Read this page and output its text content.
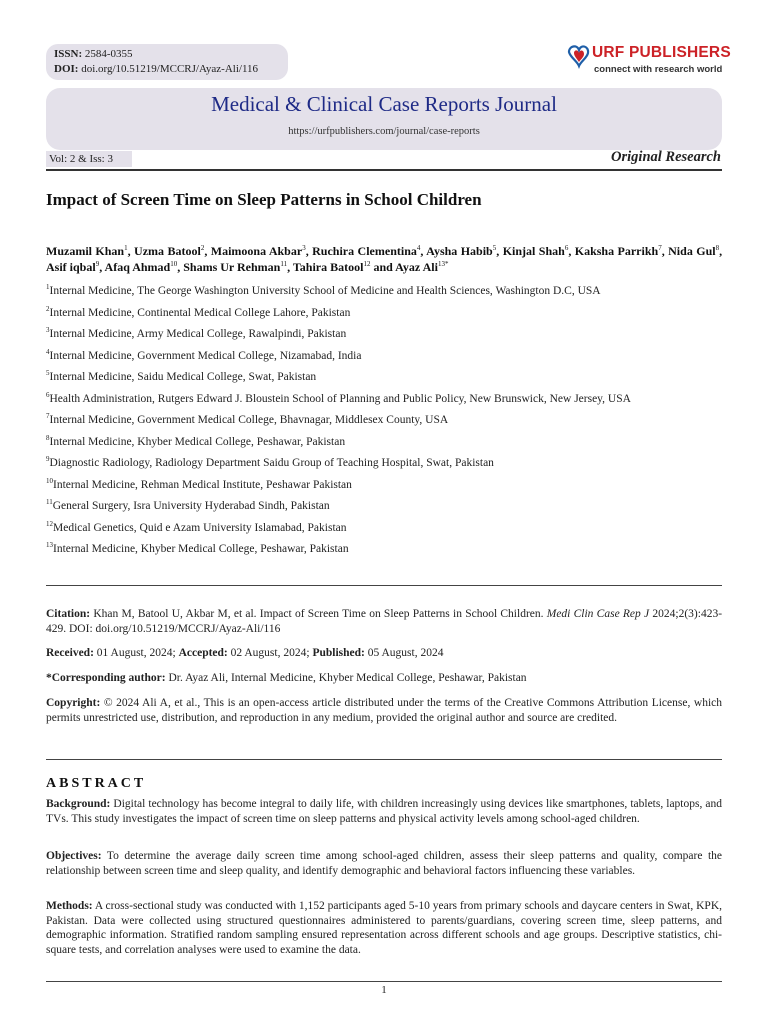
ISSN: 2584-0355
DOI: doi.org/10.51219/MCCRJ/Ayaz-Ali/116
URF PUBLISHERS
connect with research world
Medical & Clinical Case Reports Journal
https://urfpublishers.com/journal/case-reports
Vol: 2 & Iss: 3	Original Research
Impact of Screen Time on Sleep Patterns in School Children
Muzamil Khan$^1$, Uzma Batool$^2$, Maimoona Akbar$^3$, Ruchira Clementina$^4$, Aysha Habib$^5$, Kinjal Shah$^6$, Kaksha Parrikh$^7$, Nida Gul$^8$, Asif iqbal$^9$, Afaq Ahmad$^{10}$, Shams Ur Rehman$^{11}$, Tahira Batool$^{12}$ and Ayaz Ali$^{13*}$
$^1$Internal Medicine, The George Washington University School of Medicine and Health Sciences, Washington D.C, USA
$^2$Internal Medicine, Continental Medical College Lahore, Pakistan
$^3$Internal Medicine, Army Medical College, Rawalpindi, Pakistan
$^4$Internal Medicine, Government Medical College, Nizamabad, India
$^5$Internal Medicine, Saidu Medical College, Swat, Pakistan
$^6$Health Administration, Rutgers Edward J. Bloustein School of Planning and Public Policy, New Brunswick, New Jersey, USA
$^7$Internal Medicine, Government Medical College, Bhavnagar, Middlesex County, USA
$^8$Internal Medicine, Khyber Medical College, Peshawar, Pakistan
$^9$Diagnostic Radiology, Radiology Department Saidu Group of Teaching Hospital, Swat, Pakistan
$^{10}$Internal Medicine, Rehman Medical Institute, Peshawar Pakistan
$^{11}$General Surgery, Isra University Hyderabad Sindh, Pakistan
$^{12}$Medical Genetics, Quid e Azam University Islamabad, Pakistan
$^{13}$Internal Medicine, Khyber Medical College, Peshawar, Pakistan
Citation: Khan M, Batool U, Akbar M, et al. Impact of Screen Time on Sleep Patterns in School Children. Medi Clin Case Rep J 2024;2(3):423-429. DOI: doi.org/10.51219/MCCRJ/Ayaz-Ali/116
Received: 01 August, 2024; Accepted: 02 August, 2024; Published: 05 August, 2024
*Corresponding author: Dr. Ayaz Ali, Internal Medicine, Khyber Medical College, Peshawar, Pakistan
Copyright: © 2024 Ali A, et al., This is an open-access article distributed under the terms of the Creative Commons Attribution License, which permits unrestricted use, distribution, and reproduction in any medium, provided the original author and source are credited.
ABSTRACT
Background: Digital technology has become integral to daily life, with children increasingly using devices like smartphones, tablets, laptops, and TVs. This study investigates the impact of screen time on sleep patterns and physical activity levels among school-aged children.
Objectives: To determine the average daily screen time among school-aged children, assess their sleep patterns and quality, compare the relationship between screen time and sleep quality, and identify demographic and behavioral factors influencing these variables.
Methods: A cross-sectional study was conducted with 1,152 participants aged 5-10 years from primary schools and daycare centers in Swat, KPK, Pakistan. Data were collected using structured questionnaires administered to parents/guardians, covering screen time, sleep patterns, and demographic information. Stratified random sampling ensured representation across different schools and age groups. Descriptive statistics, chi-square tests, and correlation analyses were used to examine the data.
1
